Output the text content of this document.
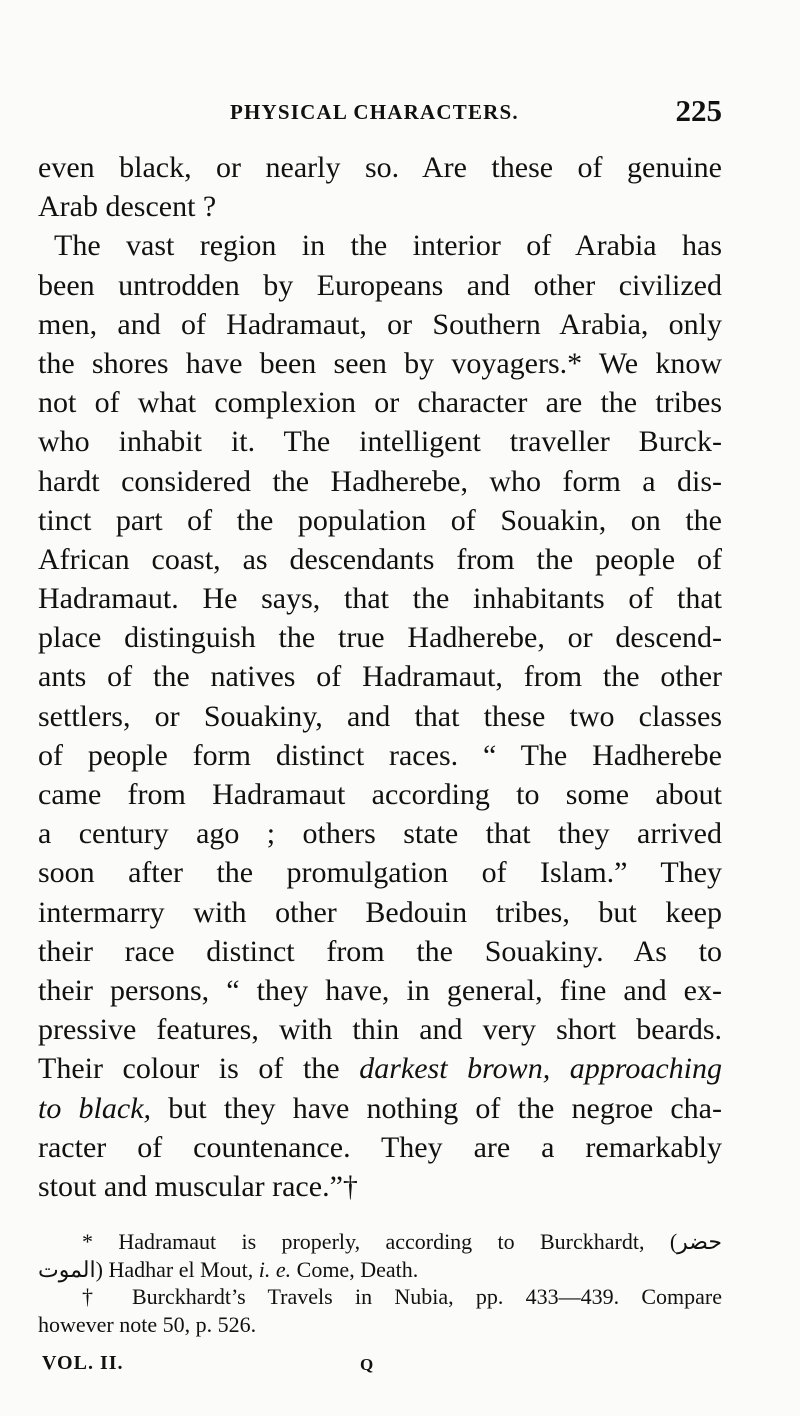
PHYSICAL CHARACTERS.	225
even black, or nearly so. Are these of genuine
Arab descent ?
The vast region in the interior of Arabia has
been untrodden by Europeans and other civilized
men, and of Hadramaut, or Southern Arabia, only
the shores have been seen by voyagers.* We know
not of what complexion or character are the tribes
who inhabit it. The intelligent traveller Burck-
hardt considered the Hadherebe, who form a dis-
tinct part of the population of Souakin, on the
African coast, as descendants from the people of
Hadramaut. He says, that the inhabitants of that
place distinguish the true Hadherebe, or descend-
ants of the natives of Hadramaut, from the other
settlers, or Souakiny, and that these two classes
of people form distinct races. “ The Hadherebe
came from Hadramaut according to some about
a century ago ; others state that they arrived
soon after the promulgation of Islam.” They
intermarry with other Bedouin tribes, but keep
their race distinct from the Souakiny. As to
their persons, “ they have, in general, fine and ex-
pressive features, with thin and very short beards.
Their colour is of the darkest brown, approaching
to black, but they have nothing of the negroe cha-
racter of countenance. They are a remarkably
stout and muscular race.”†
* Hadramaut is properly, according to Burckhardt, (حضر
الموت) Hadhar el Mout, i. e. Come, Death.
† Burckhardt’s Travels in Nubia, pp. 433—439. Compare
however note 50, p. 526.
VOL. II.	Q
